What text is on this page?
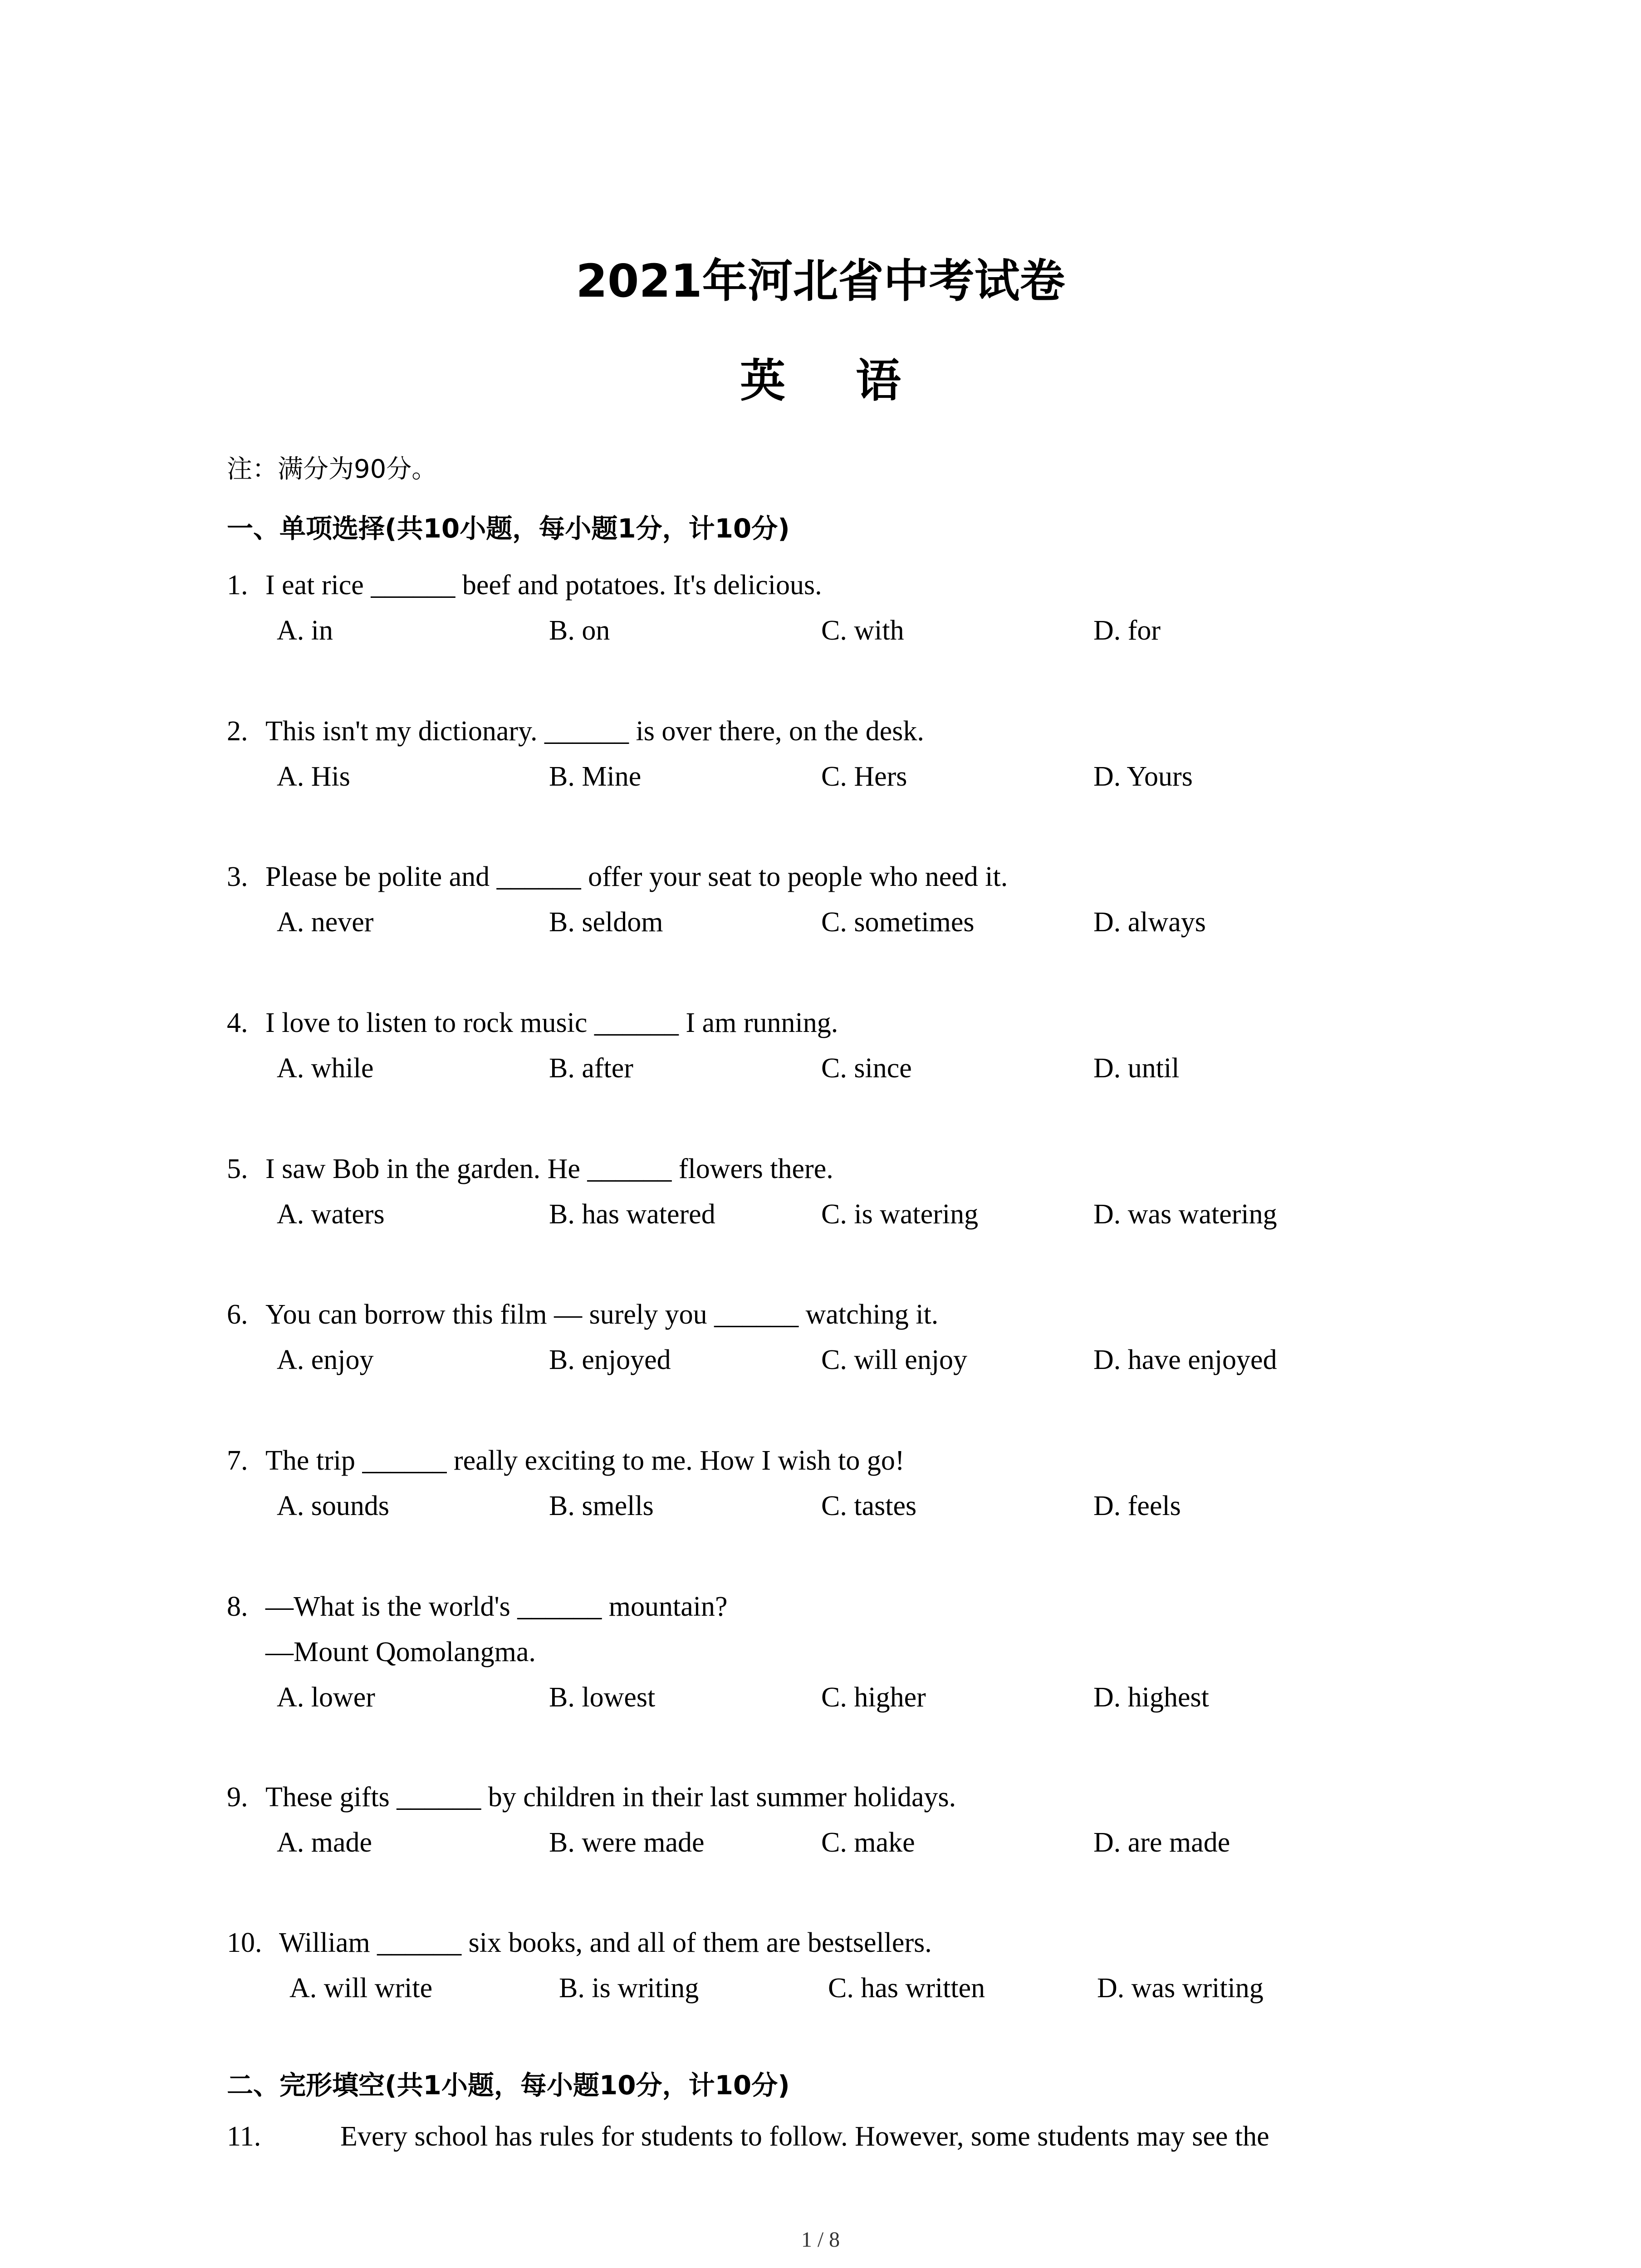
2021年河北省中考试卷
英 语
注：满分为90分。
一、单项选择(共10小题，每小题1分，计10分)
1. I eat rice ______ beef and potatoes. It's delicious.
A. in	B. on	C. with	D. for
2. This isn't my dictionary. ______ is over there, on the desk.
A. His	B. Mine	C. Hers	D. Yours
3. Please be polite and ______ offer your seat to people who need it.
A. never	B. seldom	C. sometimes	D. always
4. I love to listen to rock music ______ I am running.
A. while	B. after	C. since	D. until
5. I saw Bob in the garden. He ______ flowers there.
A. waters	B. has watered	C. is watering	D. was watering
6. You can borrow this film — surely you ______ watching it.
A. enjoy	B. enjoyed	C. will enjoy	D. have enjoyed
7. The trip ______ really exciting to me. How I wish to go!
A. sounds	B. smells	C. tastes	D. feels
8. —What is the world's ______ mountain?
—Mount Qomolangma.
A. lower	B. lowest	C. higher	D. highest
9. These gifts ______ by children in their last summer holidays.
A. made	B. were made	C. make	D. are made
10. William ______ six books, and all of them are bestsellers.
A. will write	B. is writing	C. has written	D. was writing
二、完形填空(共1小题，每小题10分，计10分)
11.	Every school has rules for students to follow. However, some students may see the
1 / 8
